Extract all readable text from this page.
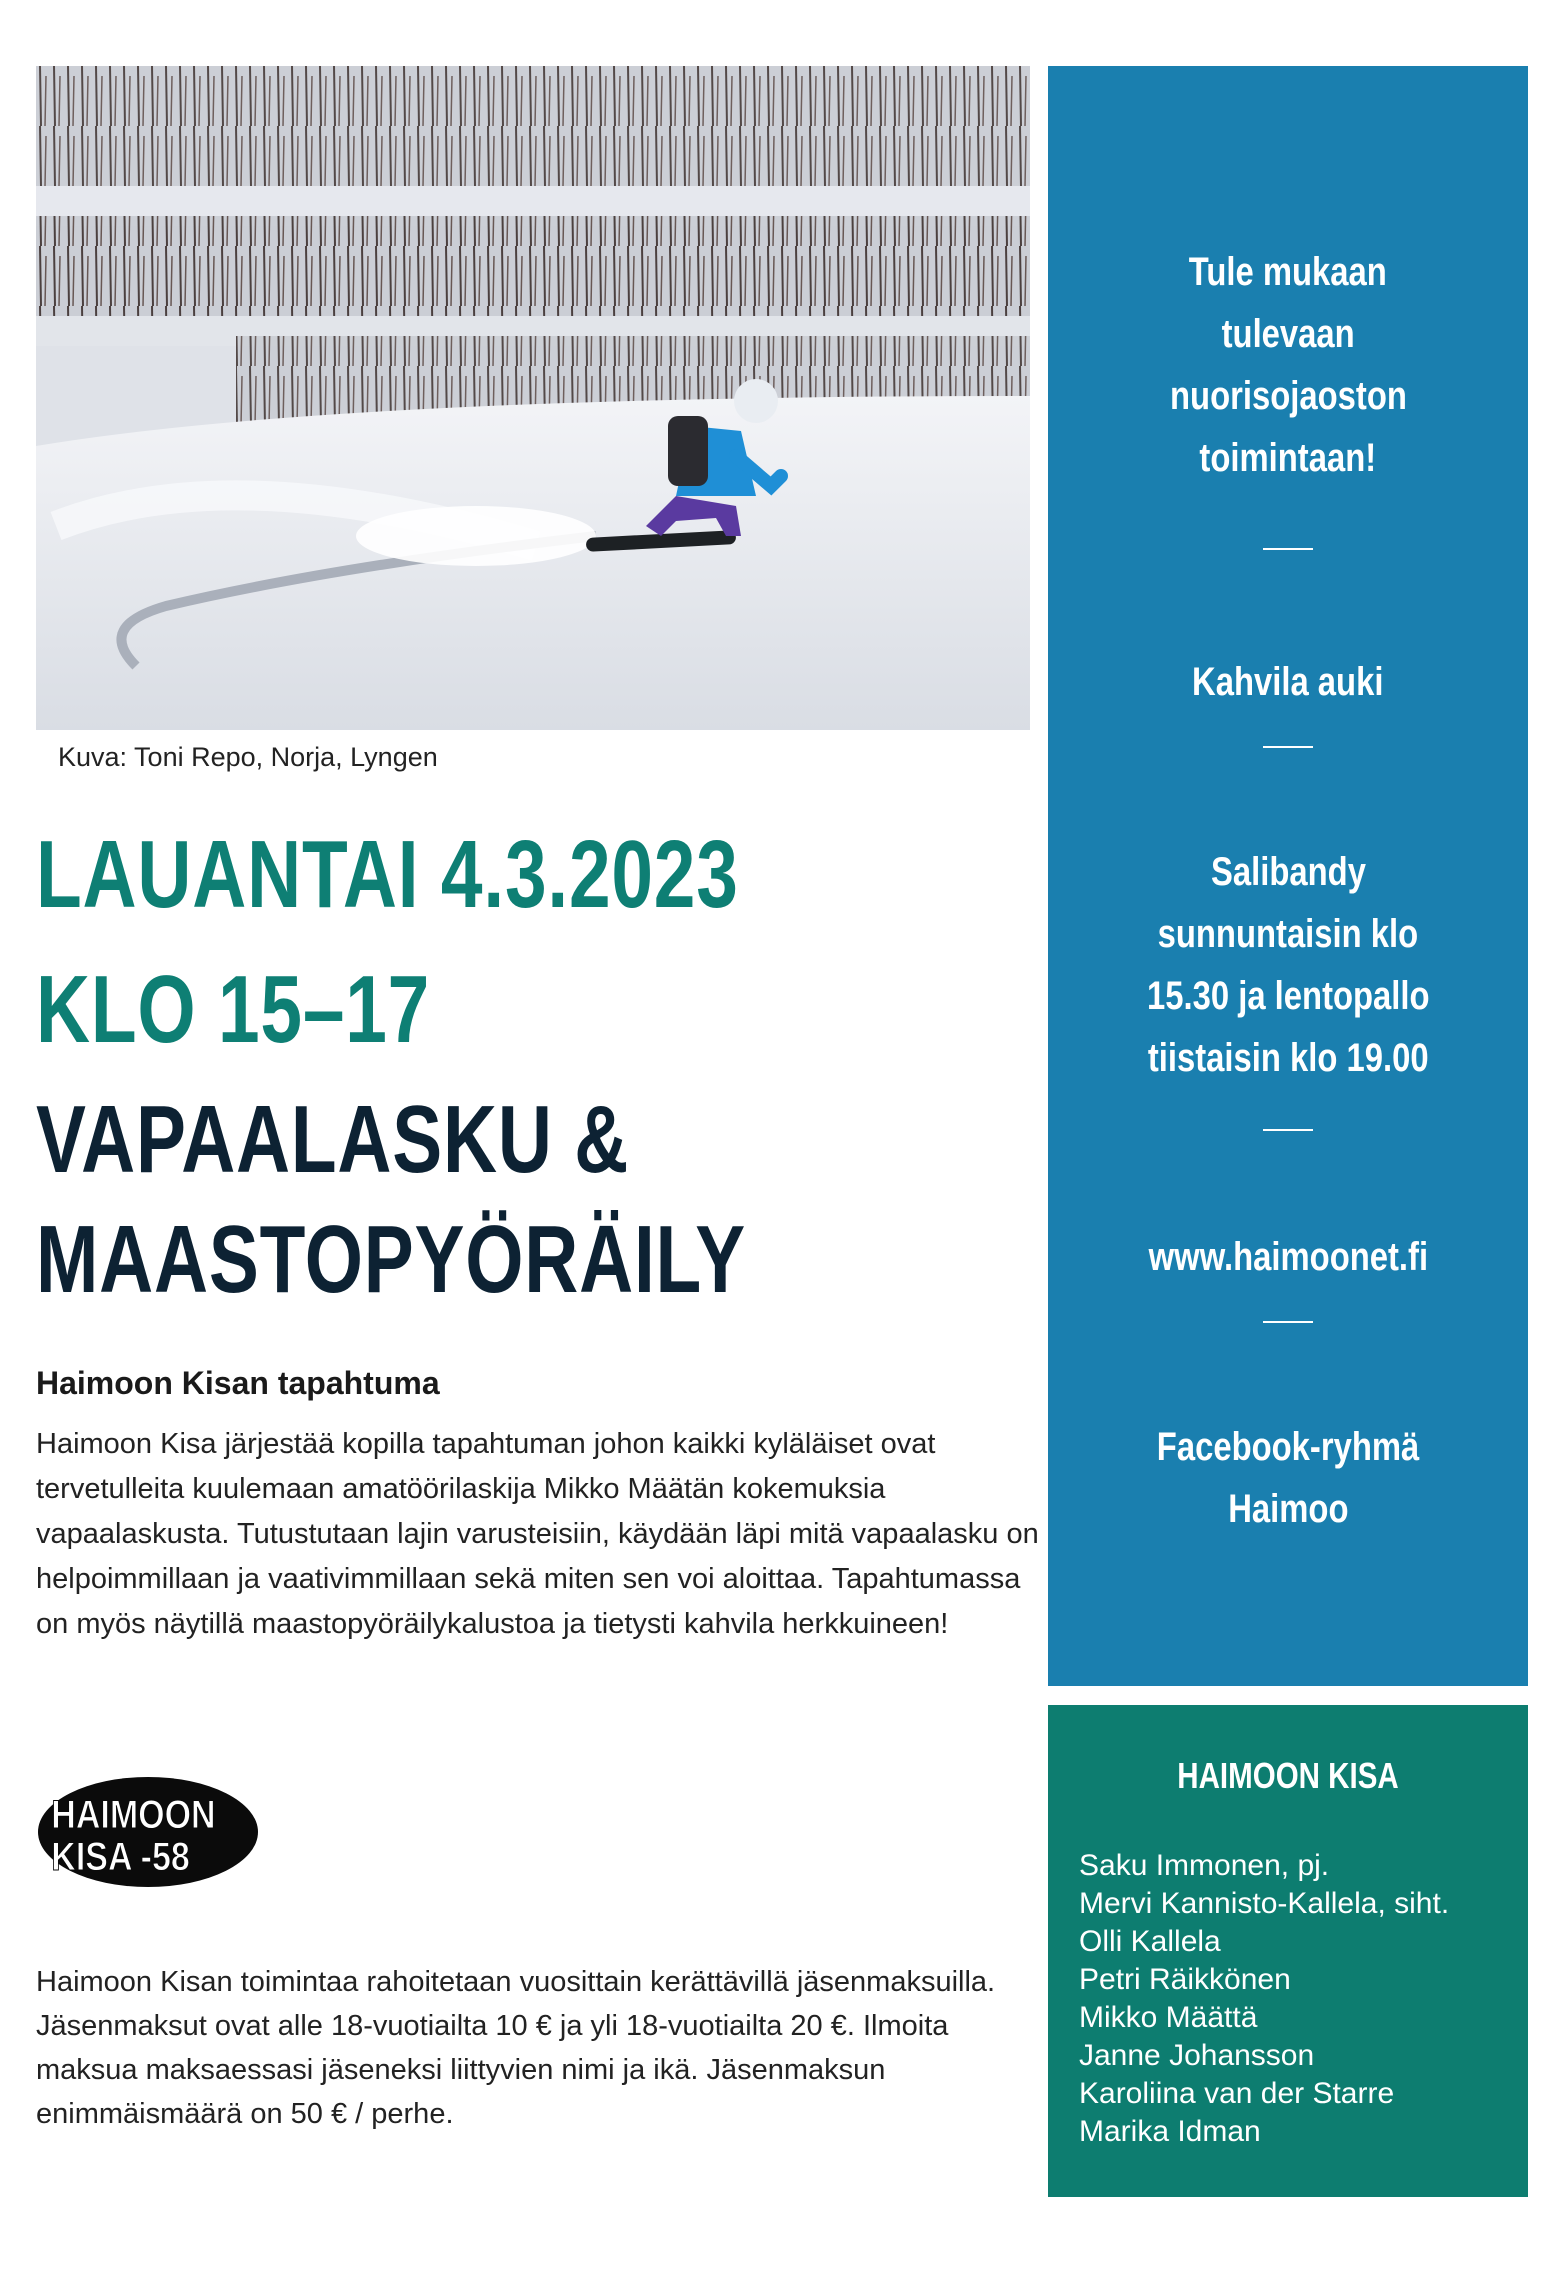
Kuva: Toni Repo, Norja, Lyngen
LAUANTAI 4.3.2023
KLO 15–17
VAPAALASKU &
MAASTOPYÖRÄILY
Haimoon Kisan tapahtuma
Haimoon Kisa järjestää kopilla tapahtuman johon kaikki kyläläiset ovat tervetulleita kuulemaan amatöörilaskija Mikko Määtän kokemuksia vapaalaskusta. Tutustutaan lajin varusteisiin, käydään läpi mitä vapaalasku on helpoimmillaan ja vaativimmillaan sekä miten sen voi aloittaa. Tapahtumassa on myös näytillä maastopyöräilykalustoa ja tietysti kahvila herkkuineen!
HAIMOON
KISA -58
Haimoon Kisan toimintaa rahoitetaan vuosittain kerättävillä jäsenmaksuilla. Jäsenmaksut ovat alle 18-vuotiailta 10 € ja yli 18-vuotiailta 20 €. Ilmoita maksua maksaessasi jäseneksi liittyvien nimi ja ikä. Jäsenmaksun enimmäismäärä on 50 € / perhe.
Tule mukaan
tulevaan
nuorisojaoston
toimintaan!
Kahvila auki
Salibandy
sunnuntaisin klo
15.30 ja lentopallo
tiistaisin klo 19.00
www.haimoonet.fi
Facebook-ryhmä
Haimoo
HAIMOON KISA
Saku Immonen, pj.
Mervi Kannisto-Kallela, siht.
Olli Kallela
Petri Räikkönen
Mikko Määttä
Janne Johansson
Karoliina van der Starre
Marika Idman
